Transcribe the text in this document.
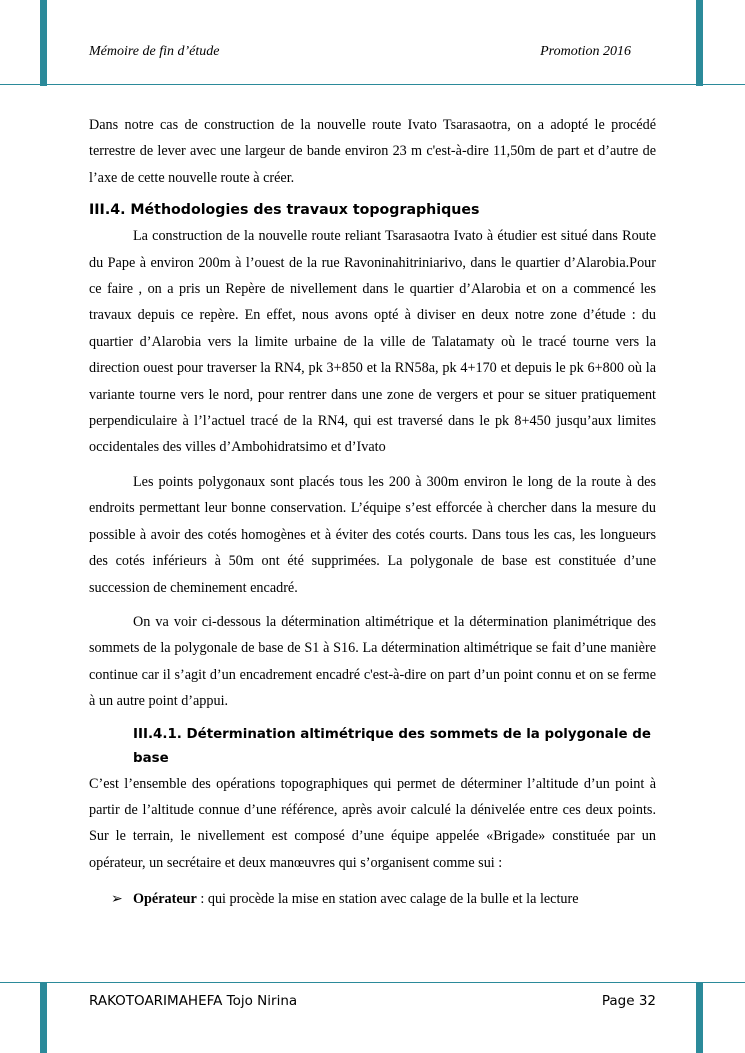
Mémoire de fin d’étude	Promotion 2016

Dans notre cas de construction de la nouvelle route Ivato Tsarasaotra, on a adopté le procédé terrestre de lever avec une largeur de bande environ 23 m c'est-à-dire 11,50m de part et d’autre de l’axe de cette nouvelle route à créer.

III.4. Méthodologies des travaux topographiques

La construction de la nouvelle route reliant Tsarasaotra Ivato à étudier est situé dans Route du Pape à environ 200m à l’ouest de la rue Ravoninahitriniarivo, dans le quartier d’Alarobia.Pour ce faire , on a pris un Repère de nivellement dans le quartier d’Alarobia et on a commencé les travaux depuis ce repère. En effet, nous avons opté à diviser en deux notre zone d’étude : du quartier d’Alarobia vers la limite urbaine de la ville de Talatamaty où le tracé tourne vers la direction ouest pour traverser la RN4, pk 3+850 et la RN58a, pk 4+170 et depuis le pk 6+800 où la variante tourne vers le nord, pour rentrer dans une zone de vergers et pour se situer pratiquement perpendiculaire à l’l’actuel tracé de la RN4, qui est traversé dans le pk 8+450 jusqu’aux limites occidentales des villes d’Ambohidratsimo et d’Ivato

Les points polygonaux sont placés tous les 200 à 300m environ le long de la route à des endroits permettant leur bonne conservation. L’équipe s’est efforcée à chercher dans la mesure du possible à avoir des cotés homogènes et à éviter des cotés courts. Dans tous les cas, les longueurs des cotés inférieurs à 50m ont été supprimées. La polygonale de base est constituée d’une succession de cheminement encadré.

On va voir ci-dessous la détermination altimétrique et la détermination planimétrique des sommets de la polygonale de base de S1 à S16. La détermination altimétrique se fait d’une manière continue car il s’agit d’un encadrement encadré c'est-à-dire on part d’un point connu et on se ferme à un autre point d’appui.

III.4.1. Détermination altimétrique des sommets de la polygonale de base

C’est l’ensemble des opérations topographiques qui permet de déterminer l’altitude d’un point à partir de l’altitude connue d’une référence, après avoir calculé la dénivelée entre ces deux points. Sur le terrain, le nivellement est composé d’une équipe appelée «Brigade» constituée par un opérateur, un secrétaire et deux manœuvres qui s’organisent comme sui :

➢ Opérateur : qui procède la mise en station avec calage de la bulle et la lecture

RAKOTOARIMAHEFA Tojo Nirina	Page 32
